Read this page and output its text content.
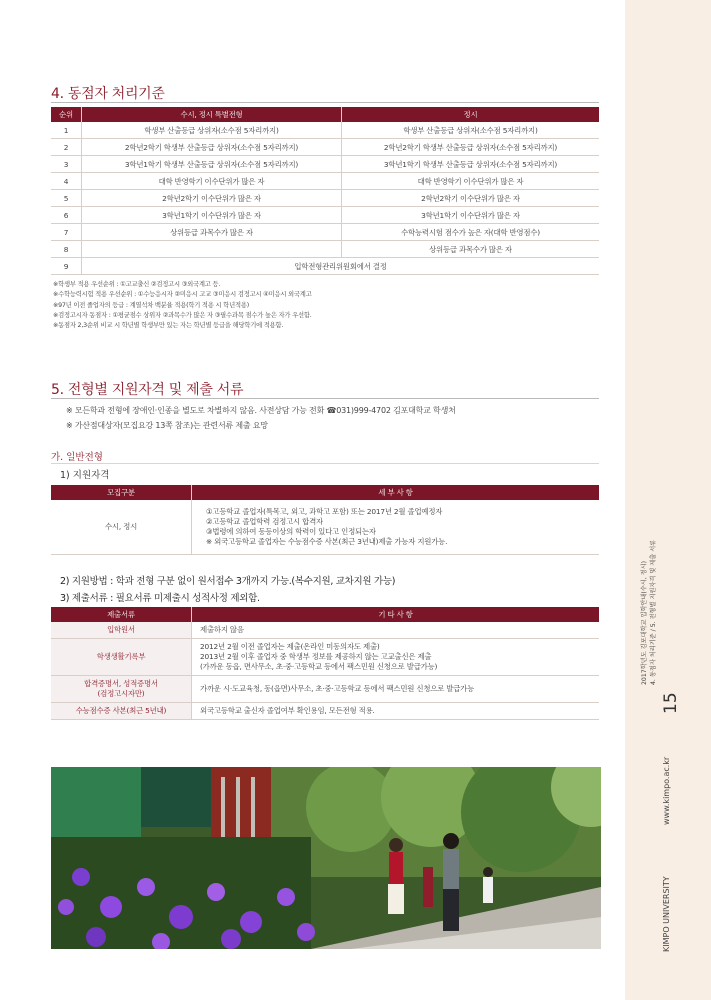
4. 동점자 처리기준
순위	수시, 정시 특별전형	정시
1	학생부 산출등급 상위자(소수점 5자리까지)	학생부 산출등급 상위자(소수점 5자리까지)
2	2학년2학기 학생부 산출등급 상위자(소수점 5자리까지)	2학년2학기 학생부 산출등급 상위자(소수점 5자리까지)
3	3학년1학기 학생부 산출등급 상위자(소수점 5자리까지)	3학년1학기 학생부 산출등급 상위자(소수점 5자리까지)
4	대학 반영학기 이수단위가 많은 자	대학 반영학기 이수단위가 많은 자
5	2학년2학기 이수단위가 많은 자	2학년2학기 이수단위가 많은 자
6	3학년1학기 이수단위가 많은 자	3학년1학기 이수단위가 많은 자
7	상위등급 과목수가 많은 자	수학능력시험 점수가 높은 자(대학 반영점수)
8		상위등급 과목수가 많은 자
9	입학전형관리위원회에서 결정	
※학생부 적용 우선순위 : ①고교출신 ②검정고시 ③외국계고 등.
※수학능력시험 적용 우선순위 : ①수능응시자 ②미응시 고교 ③미응시 검정고시 ④미응시 외국계고
※97년 이전 졸업자의 등급 : 계열석차 백분율 적용(학기 적용 시 학년적용)
※검정고시자 동점자 : ①평균점수 상위자 ②과목수가 많은 자 ③필수과목 점수가 높은 자가 우선함.
※동점자 2,3순위 비교 시 학년별 학생부만 있는 자는 학년별 등급을 해당학기에 적용함.
5. 전형별 지원자격 및 제출 서류
※ 모든학과 전형에 장애인·인종을 별도로 차별하지 않음. 사전상담 가능 전화 ☎031)999-4702 김포대학교 학생처
※ 가산점대상자(모집요강 13쪽 참조)는 관련서류 제출 요망
가. 일반전형
1) 지원자격
모집구분	세 부 사 항
수시, 정시	①고등학교 졸업자(특목고, 외고, 과학고 포함) 또는 2017년 2월 졸업예정자
②고등학교 졸업학력 검정고시 합격자
③법령에 의하여 동등이상의 학력이 있다고 인정되는자
※ 외국고등학교 졸업자는 수능점수증 사본(최근 3년내)제출 가능자 지원가능.
2) 지원방법 : 학과 전형 구분 없이 원서접수 3개까지 가능.(복수지원, 교차지원 가능)
3) 제출서류 : 필요서류 미제출시 성적사정 제외함.
제출서류	기 타 사 항

입학원서	제출하지 않음

학생생활기록부	2012년 2월 이전 졸업자는 제출(온라인 미동의자도 제출)
2013년 2월 이후 졸업자 중 학생부 정보를 제공하지 않는 고교출신은 제출
(가까운 동읍, 면사무소, 초·중·고등학교 등에서 팩스민원 신청으로 발급가능)

합격증명서, 성적증명서
(검정고시자만)	가까운 시·도교육청, 동(읍면)사무소, 초·중·고등학교 등에서 팩스민원 신청으로 발급가능

수능점수증 사본(최근 5년내)	외국고등학교 출신자 졸업여부 확인용임, 모든전형 적용.
2017학년도 김포대학교 입학안내(수시, 정시) 4. 동점자 처리기준 / 5. 전형별 지원자격 및 제출 서류
15
www.kimpo.ac.kr
KIMPO UNIVERSITY
